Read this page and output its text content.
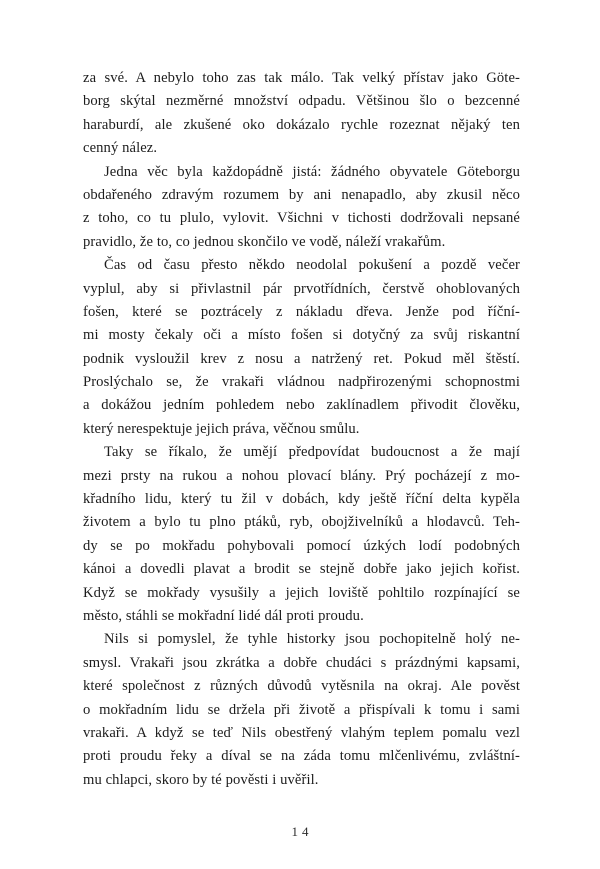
za své. A nebylo toho zas tak málo. Tak velký přístav jako Göte-
borg skýtal nezměrné množství odpadu. Většinou šlo o bezcenné
haraburdí, ale zkušené oko dokázalo rychle rozeznat nějaký ten
cenný nález.
Jedna věc byla každopádně jistá: žádného obyvatele Göteborgu
obdařeného zdravým rozumem by ani nenapadlo, aby zkusil něco
z toho, co tu plulo, vylovit. Všichni v tichosti dodržovali nepsané
pravidlo, že to, co jednou skončilo ve vodě, náleží vrakařům.
Čas od času přesto někdo neodolal pokušení a pozdě večer
vyplul, aby si přivlastnil pár prvotřídních, čerstvě ohoblovaných
fošen, které se poztrácely z nákladu dřeva. Jenže pod říční-
mi mosty čekaly oči a místo fošen si dotyčný za svůj riskantní
podnik vysloužil krev z nosu a natržený ret. Pokud měl štěstí.
Proslýchalo se, že vrakaři vládnou nadpřirozenými schopnostmi
a dokážou jedním pohledem nebo zaklínadlem přivodit člověku,
který nerespektuje jejich práva, věčnou smůlu.
Taky se říkalo, že umějí předpovídat budoucnost a že mají
mezi prsty na rukou a nohou plovací blány. Prý pocházejí z mo-
křadního lidu, který tu žil v dobách, kdy ještě říční delta kypěla
životem a bylo tu plno ptáků, ryb, obojživelníků a hlodavců. Teh-
dy se po mokřadu pohybovali pomocí úzkých lodí podobných
kánoi a dovedli plavat a brodit se stejně dobře jako jejich kořist.
Když se mokřady vysušily a jejich loviště pohltilo rozpínající se
město, stáhli se mokřadní lidé dál proti proudu.
Nils si pomyslel, že tyhle historky jsou pochopitelně holý ne-
smysl. Vrakaři jsou zkrátka a dobře chudáci s prázdnými kapsami,
které společnost z různých důvodů vytěsnila na okraj. Ale pověst
o mokřadním lidu se držela při životě a přispívali k tomu i sami
vrakaři. A když se teď Nils obestřený vlahým teplem pomalu vezl
proti proudu řeky a díval se na záda tomu mlčenlivému, zvláštní-
mu chlapci, skoro by té pověsti i uvěřil.
14
